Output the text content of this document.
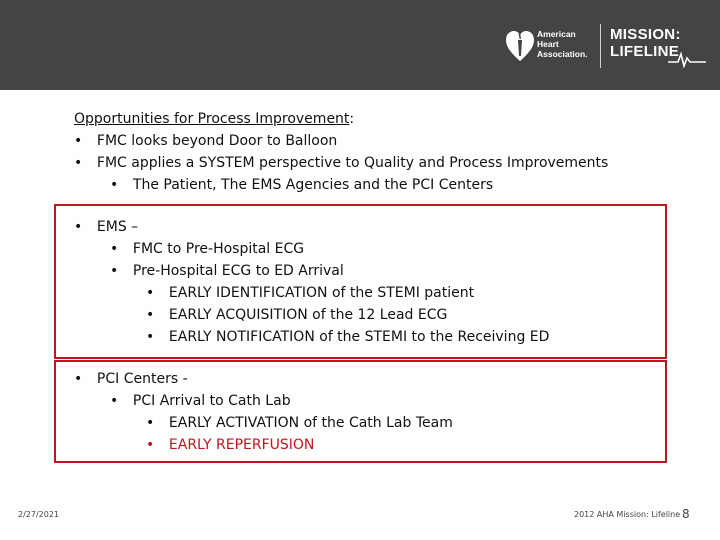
American
Heart
Association.
MISSION:
LIFELINE
Opportunities for Process Improvement:
• FMC looks beyond Door to Balloon
• FMC applies a SYSTEM perspective to Quality and Process Improvements
• The Patient, The EMS Agencies and the PCI Centers
• EMS –
• FMC to Pre-Hospital ECG
• Pre-Hospital ECG to ED Arrival
• EARLY IDENTIFICATION of the STEMI patient
• EARLY ACQUISITION of the 12 Lead ECG
• EARLY NOTIFICATION of the STEMI to the Receiving ED
• PCI Centers -
• PCI Arrival to Cath Lab
• EARLY ACTIVATION of the Cath Lab Team
• EARLY REPERFUSION
2/27/2021	2012 AHA Mission: Lifeline 8
